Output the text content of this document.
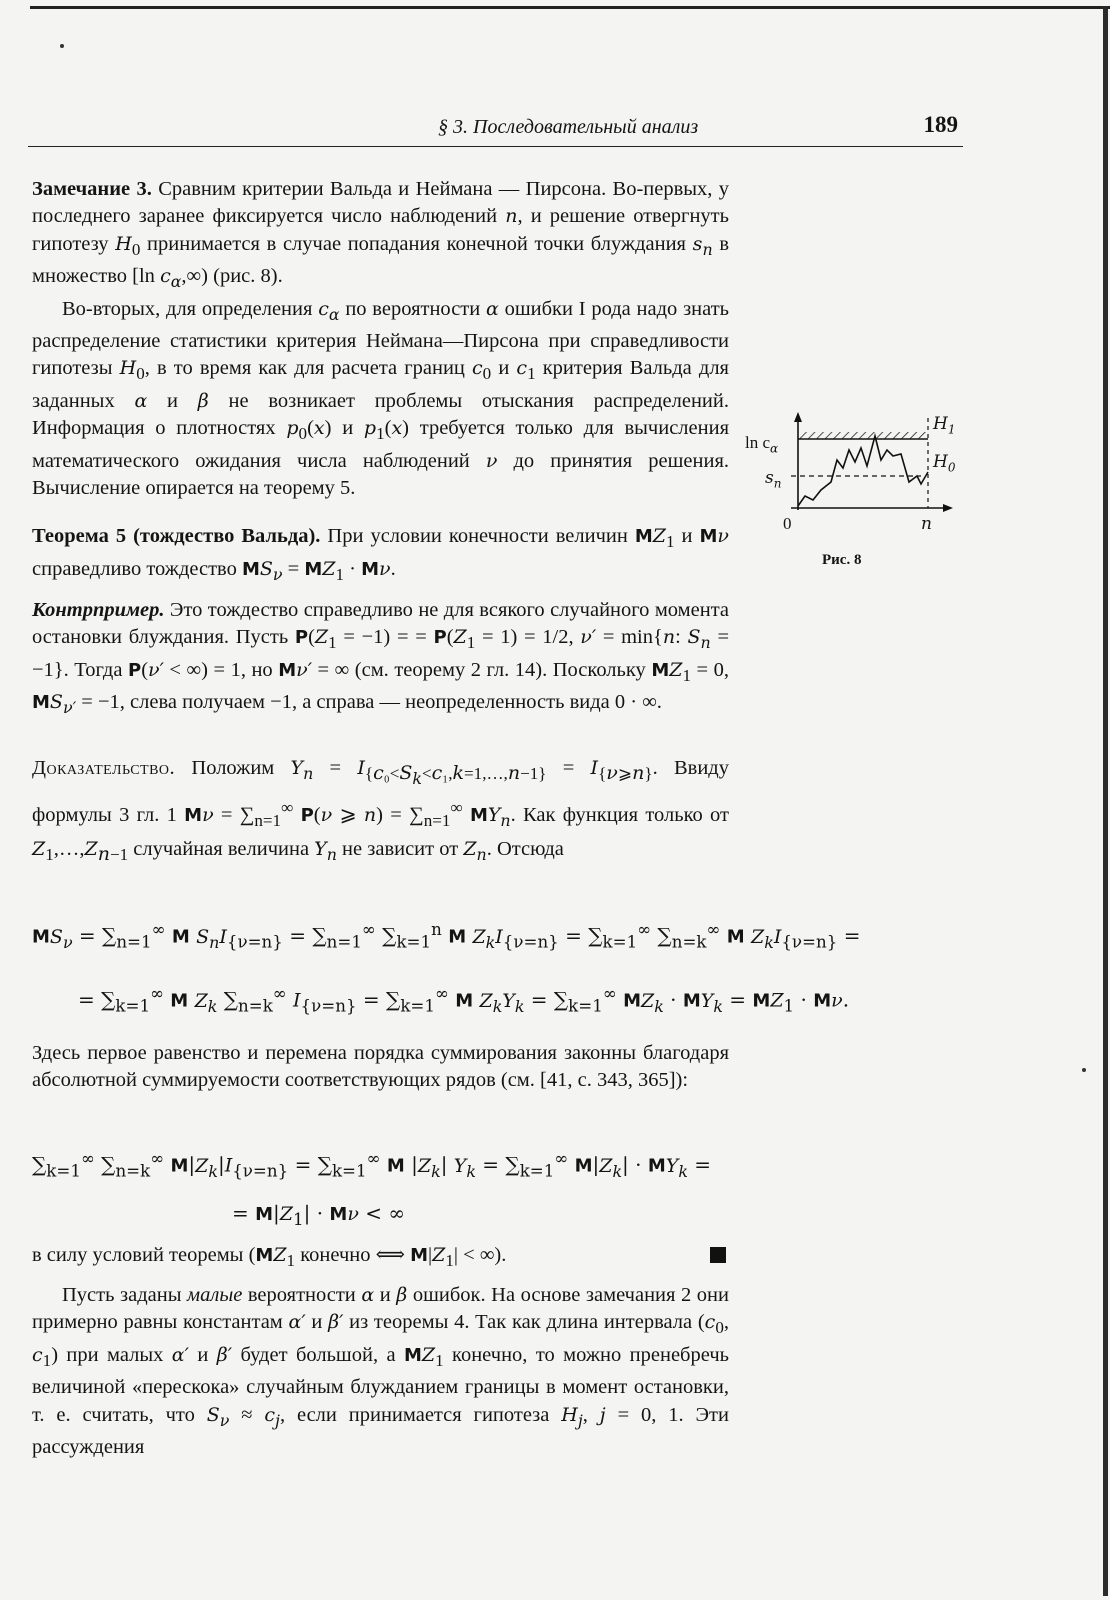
§ 3. Последовательный анализ	189

Замечание 3. Сравним критерии Вальда и Неймана — Пирсона. Во-первых, у последнего заранее фиксируется число наблюдений n, и решение отвергнуть гипотезу $H_0$ принимается в случае попадания конечной точки блуждания $s_n$ в множество [ln $c_\alpha,\infty$) (рис. 8).

Во-вторых, для определения $c_\alpha$ по вероятности α ошибки I рода надо знать распределение статистики критерия Неймана—Пирсона при справедливости гипотезы $H_0$, в то время как для расчета границ $c_0$ и $c_1$ критерия Вальда для заданных α и β не возникает проблемы отыскания распределений. Информация о плотностях $p_0(x)$ и $p_1(x)$ требуется только для вычисления математического ожидания числа наблюдений ν до принятия решения. Вычисление опирается на теорему 5.

Теорема 5 (тождество Вальда). При условии конечности величин $MZ_1$ и Mν справедливо тождество $MS_\nu = MZ_1 \cdot M\nu$.

Контрпример. Это тождество справедливо не для всякого случайного момента остановки блуждания. Пусть $P(Z_1 = -1)$ = = $P(Z_1 = 1) = 1/2$, ν′ = min{n: $S_n = -1$}. Тогда P(ν′ < ∞) = 1, но Mν′ = ∞ (см. теорему 2 гл. 14). Поскольку $MZ_1 = 0$, $MS_{\nu'} = -1$, слева получаем −1, а справа — неопределенность вида 0 · ∞.

Доказательство. Положим $Y_n = I_{\{c_0<S_k<c_1,k=1,\dots,n-1\}} = I_{\{\nu⩾n\}}$. Ввиду формулы 3 гл. 1 $M\nu = \sum_{n=1}^\infty$ P(ν ⩾ $n) = \sum_{n=1}^\infty$ $MY_n$. Как функция только от $Z_1,\dots,Z_{n-1}$ случайная величина $Y_n$ не зависит от $Z_n$. Отсюда

$MS_\nu = \sum_{n=1}^\infty$ M $S_nI_{\{\nu=n\}} = \sum_{n=1}^\infty$ $\sum_{k=1}^n$ M $Z_kI_{\{\nu=n\}} = \sum_{k=1}^\infty$ $\sum_{n=k}^\infty$ M $Z_kI_{\{\nu=n\}}$ =
= $\sum_{k=1}^\infty$ M $Z_k$ $\sum_{n=k}^\infty$ $I_{\{\nu=n\}} = \sum_{k=1}^\infty$ M $Z_kY_k = \sum_{k=1}^\infty$ $MZ_k \cdot MY_k = MZ_1 \cdot M\nu$.

Здесь первое равенство и перемена порядка суммирования законны благодаря абсолютной суммируемости соответствующих рядов (см. [41, с. 343, 365]):

$\sum_{k=1}^\infty$ $\sum_{n=k}^\infty$ $M|Z_k|I_{\{\nu=n\}} = \sum_{k=1}^\infty$ M $|Z_k|$ $Y_k = \sum_{k=1}^\infty$ $M|Z_k| \cdot MY_k$ =
= $M|Z_1| \cdot M\nu$ < ∞

в силу условий теоремы ($MZ_1$ конечно ⟺ $M|Z_1|$ < ∞).

Пусть заданы малые вероятности α и β ошибок. На основе замечания 2 они примерно равны константам α′ и β′ из теоремы 4. Так как длина интервала ($c_0$, $c_1$) при малых α′ и β′ будет большой, а $MZ_1$ конечно, то можно пренебречь величиной «перескока» случайным блужданием границы в момент остановки, т. е. считать, что $S_\nu \approx c_j$, если принимается гипотеза $H_j$, j = 0, 1. Эти рассуждения

$\ln c_\alpha$
$s_n$
$H_1$
$H_0$
0	n
Рис. 8
